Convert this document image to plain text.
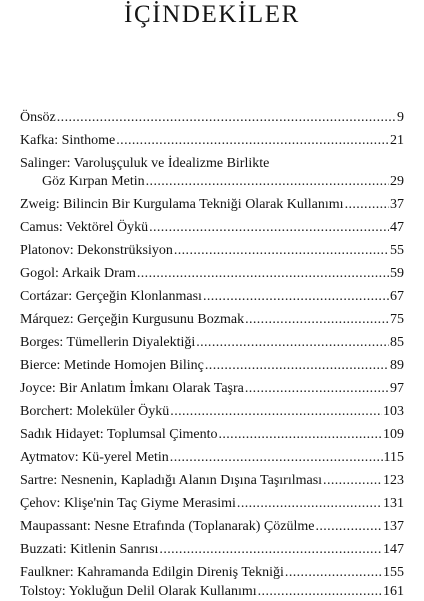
İÇİNDEKİLER
Önsöz .....	9
Kafka: Sinthome .....	21
Salinger: Varoluşçuluk ve İdealizme Birlikte
Göz Kırpan Metin .....	29
Zweig: Bilincin Bir Kurgulama Tekniği Olarak Kullanımı .....	37
Camus: Vektörel Öykü .....	47
Platonov: Dekonstrüksiyon .....	55
Gogol: Arkaik Dram .....	59
Cortázar: Gerçeğin Klonlanması .....	67
Márquez: Gerçeğin Kurgusunu Bozmak .....	75
Borges: Tümellerin Diyalektiği .....	85
Bierce: Metinde Homojen Bilinç .....	89
Joyce: Bir Anlatım İmkanı Olarak Taşra .....	97
Borchert: Moleküler Öykü .....	103
Sadık Hidayet: Toplumsal Çimento .....	109
Aytmatov: Kü-yerel Metin .....	115
Sartre: Nesnenin, Kapladığı Alanın Dışına Taşırılması .....	123
Çehov: Klişe'nin Taç Giyme Merasimi .....	131
Maupassant: Nesne Etrafında (Toplanarak) Çözülme .....	137
Buzzati: Kitlenin Sanrısı .....	147
Faulkner: Kahramanda Edilgin Direniş Tekniği .....	155
Tolstoy: Yokluğun Delil Olarak Kullanımı .....	161
